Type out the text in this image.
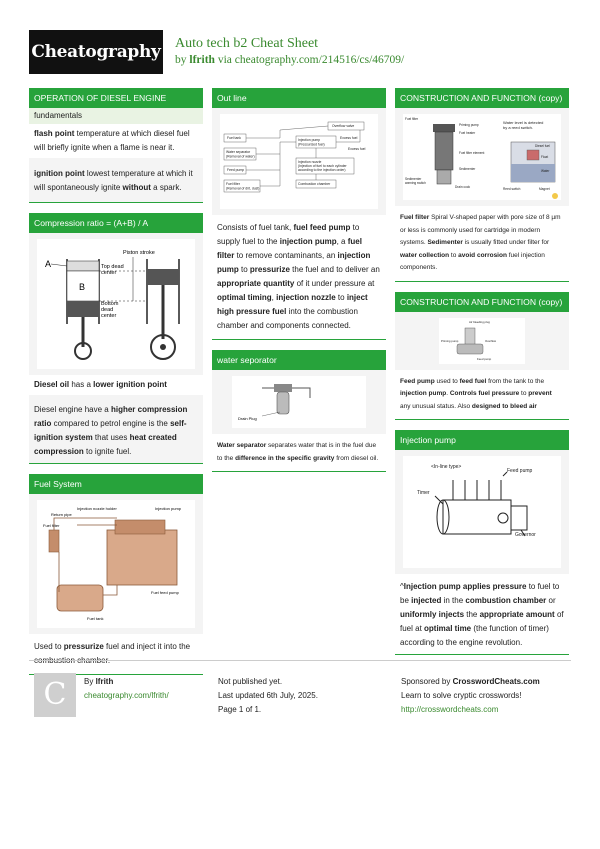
Cheatography Auto tech b2 Cheat Sheet
by lfrith via cheatography.com/214516/cs/46709/
OPERATION OF DIESEL ENGINE
fundamentals
flash point temperature at which diesel fuel will briefly ignite when a flame is near it.
ignition point lowest temperature at which it will spontaneously ignite without a spark.
Compression ratio = (A+B) / A
A
B
Piston stroke
Top dead
center
Bottom
dead
center
Diesel oil has a lower ignition point
Diesel engine have a higher compression ratio compared to petrol engine is the self-ignition system that uses heat created compression to ignite fuel.
Fuel System
Injection nozzle holder	Injection pump
Return pipe
Fuel filter
Fuel feed pump
Fuel tank
Used to pressurize fuel and inject it into the combustion chamber.
Out line
Overflow valve
Fuel tank
Water separator
(Removal of water)
Feed pump
Fuel filter
(Removal of dirt, dust)
Injection pump
(Pressurized fuel)
Excess fuel
Excess fuel
Injection nozzle
(Injection of fuel to each cylinder
according to the injection order)
Combustion chamber
Consists of fuel tank, fuel feed pump to supply fuel to the injection pump, a fuel filter to remove contaminants, an injection pump to pressurize the fuel and to deliver an appropriate quantity of it under pressure at optimal timing, injection nozzle to inject high pressure fuel into the combustion chamber and components connected.
water seporator
Drain Plug
Water separator separates water that is in the fuel due to the difference in the specific gravity from diesel oil.
CONSTRUCTION AND FUNCTION (copy)
Fuel filter
Priming pump
Fuel heater
Fuel filter element
Sedimenter
Sedimenter
warning switch
Drain cock
Water level is detected
by a reed switch.
Diesel fuel
Float
Water
Reed switch	Magnet
Fuel filter Spiral V-shaped paper with pore size of 8 µm or less is commonly used for cartridge in modern systems. Sedimenter is usually fitted under filter for water collection to avoid corrosion fuel injection components.
CONSTRUCTION AND FUNCTION (copy)
Air bleeding plug
Priming pump	Overflow
Feed pump
Feed pump used to feed fuel from the tank to the injection pump. Controls fuel pressure to prevent any unusual status. Also designed to bleed air
Injection pump
<In-line type>
Feed pump
Timer
Governor
^Injection pump applies pressure to fuel to be injected in the combustion chamber or uniformly injects the appropriate amount of fuel at optimal time (the function of timer) according to the engine revolution.
C	By lfrith
cheatography.com/lfrith/
Not published yet.
Last updated 6th July, 2025.
Page 1 of 1.
Sponsored by CrosswordCheats.com
Learn to solve cryptic crosswords!
http://crosswordcheats.com
